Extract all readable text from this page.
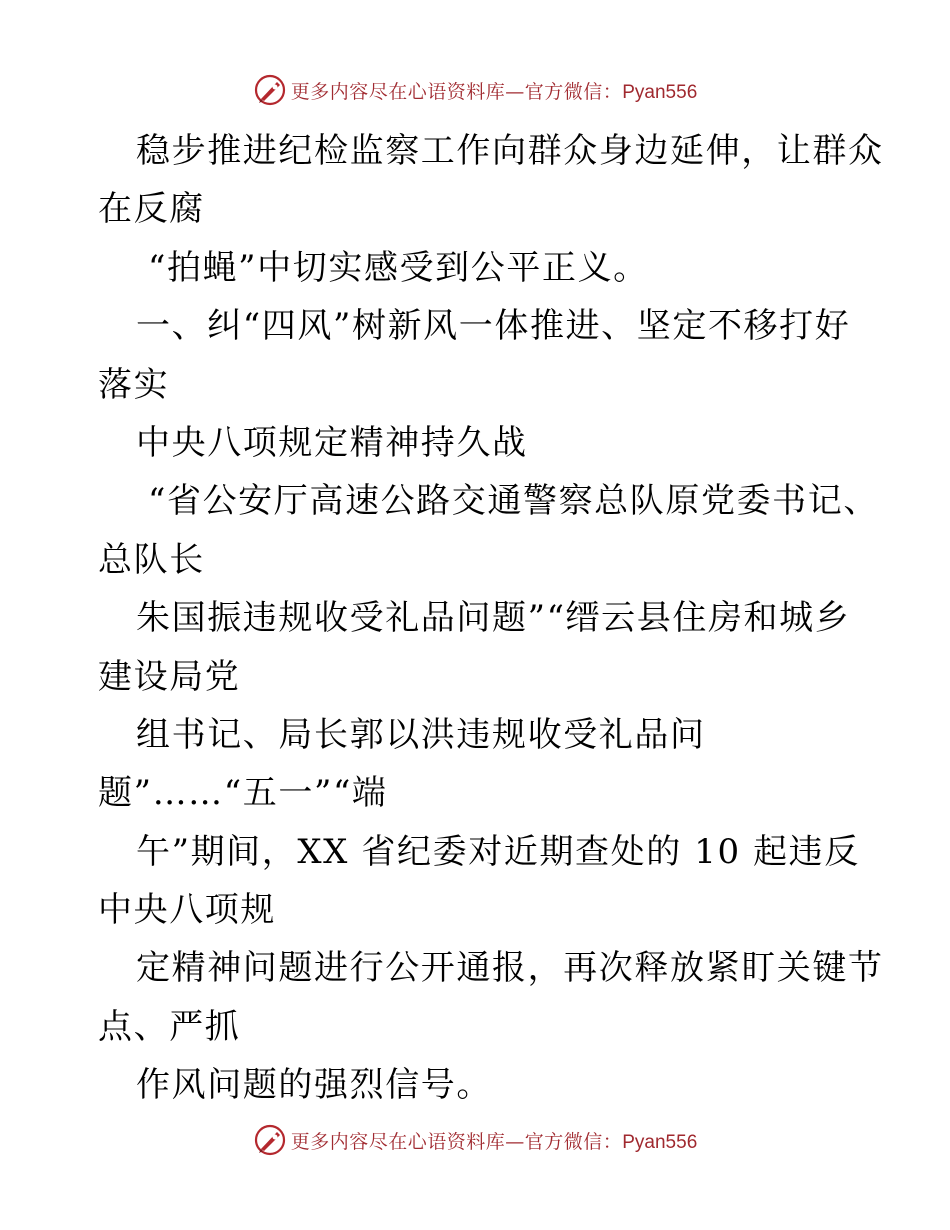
更多内容尽在心语资料库—官方微信：Pyan556
稳步推进纪检监察工作向群众身边延伸，让群众
在反腐
“拍蝇”中切实感受到公平正义。
一、纠“四风”树新风一体推进、坚定不移打好
落实
中央八项规定精神持久战
“省公安厅高速公路交通警察总队原党委书记、
总队长
朱国振违规收受礼品问题”“缙云县住房和城乡
建设局党
组书记、局长郭以洪违规收受礼品问
题”……“五一”“端
午”期间，XX 省纪委对近期查处的 10 起违反
中央八项规
定精神问题进行公开通报，再次释放紧盯关键节
点、严抓
作风问题的强烈信号。
更多内容尽在心语资料库—官方微信：Pyan556
